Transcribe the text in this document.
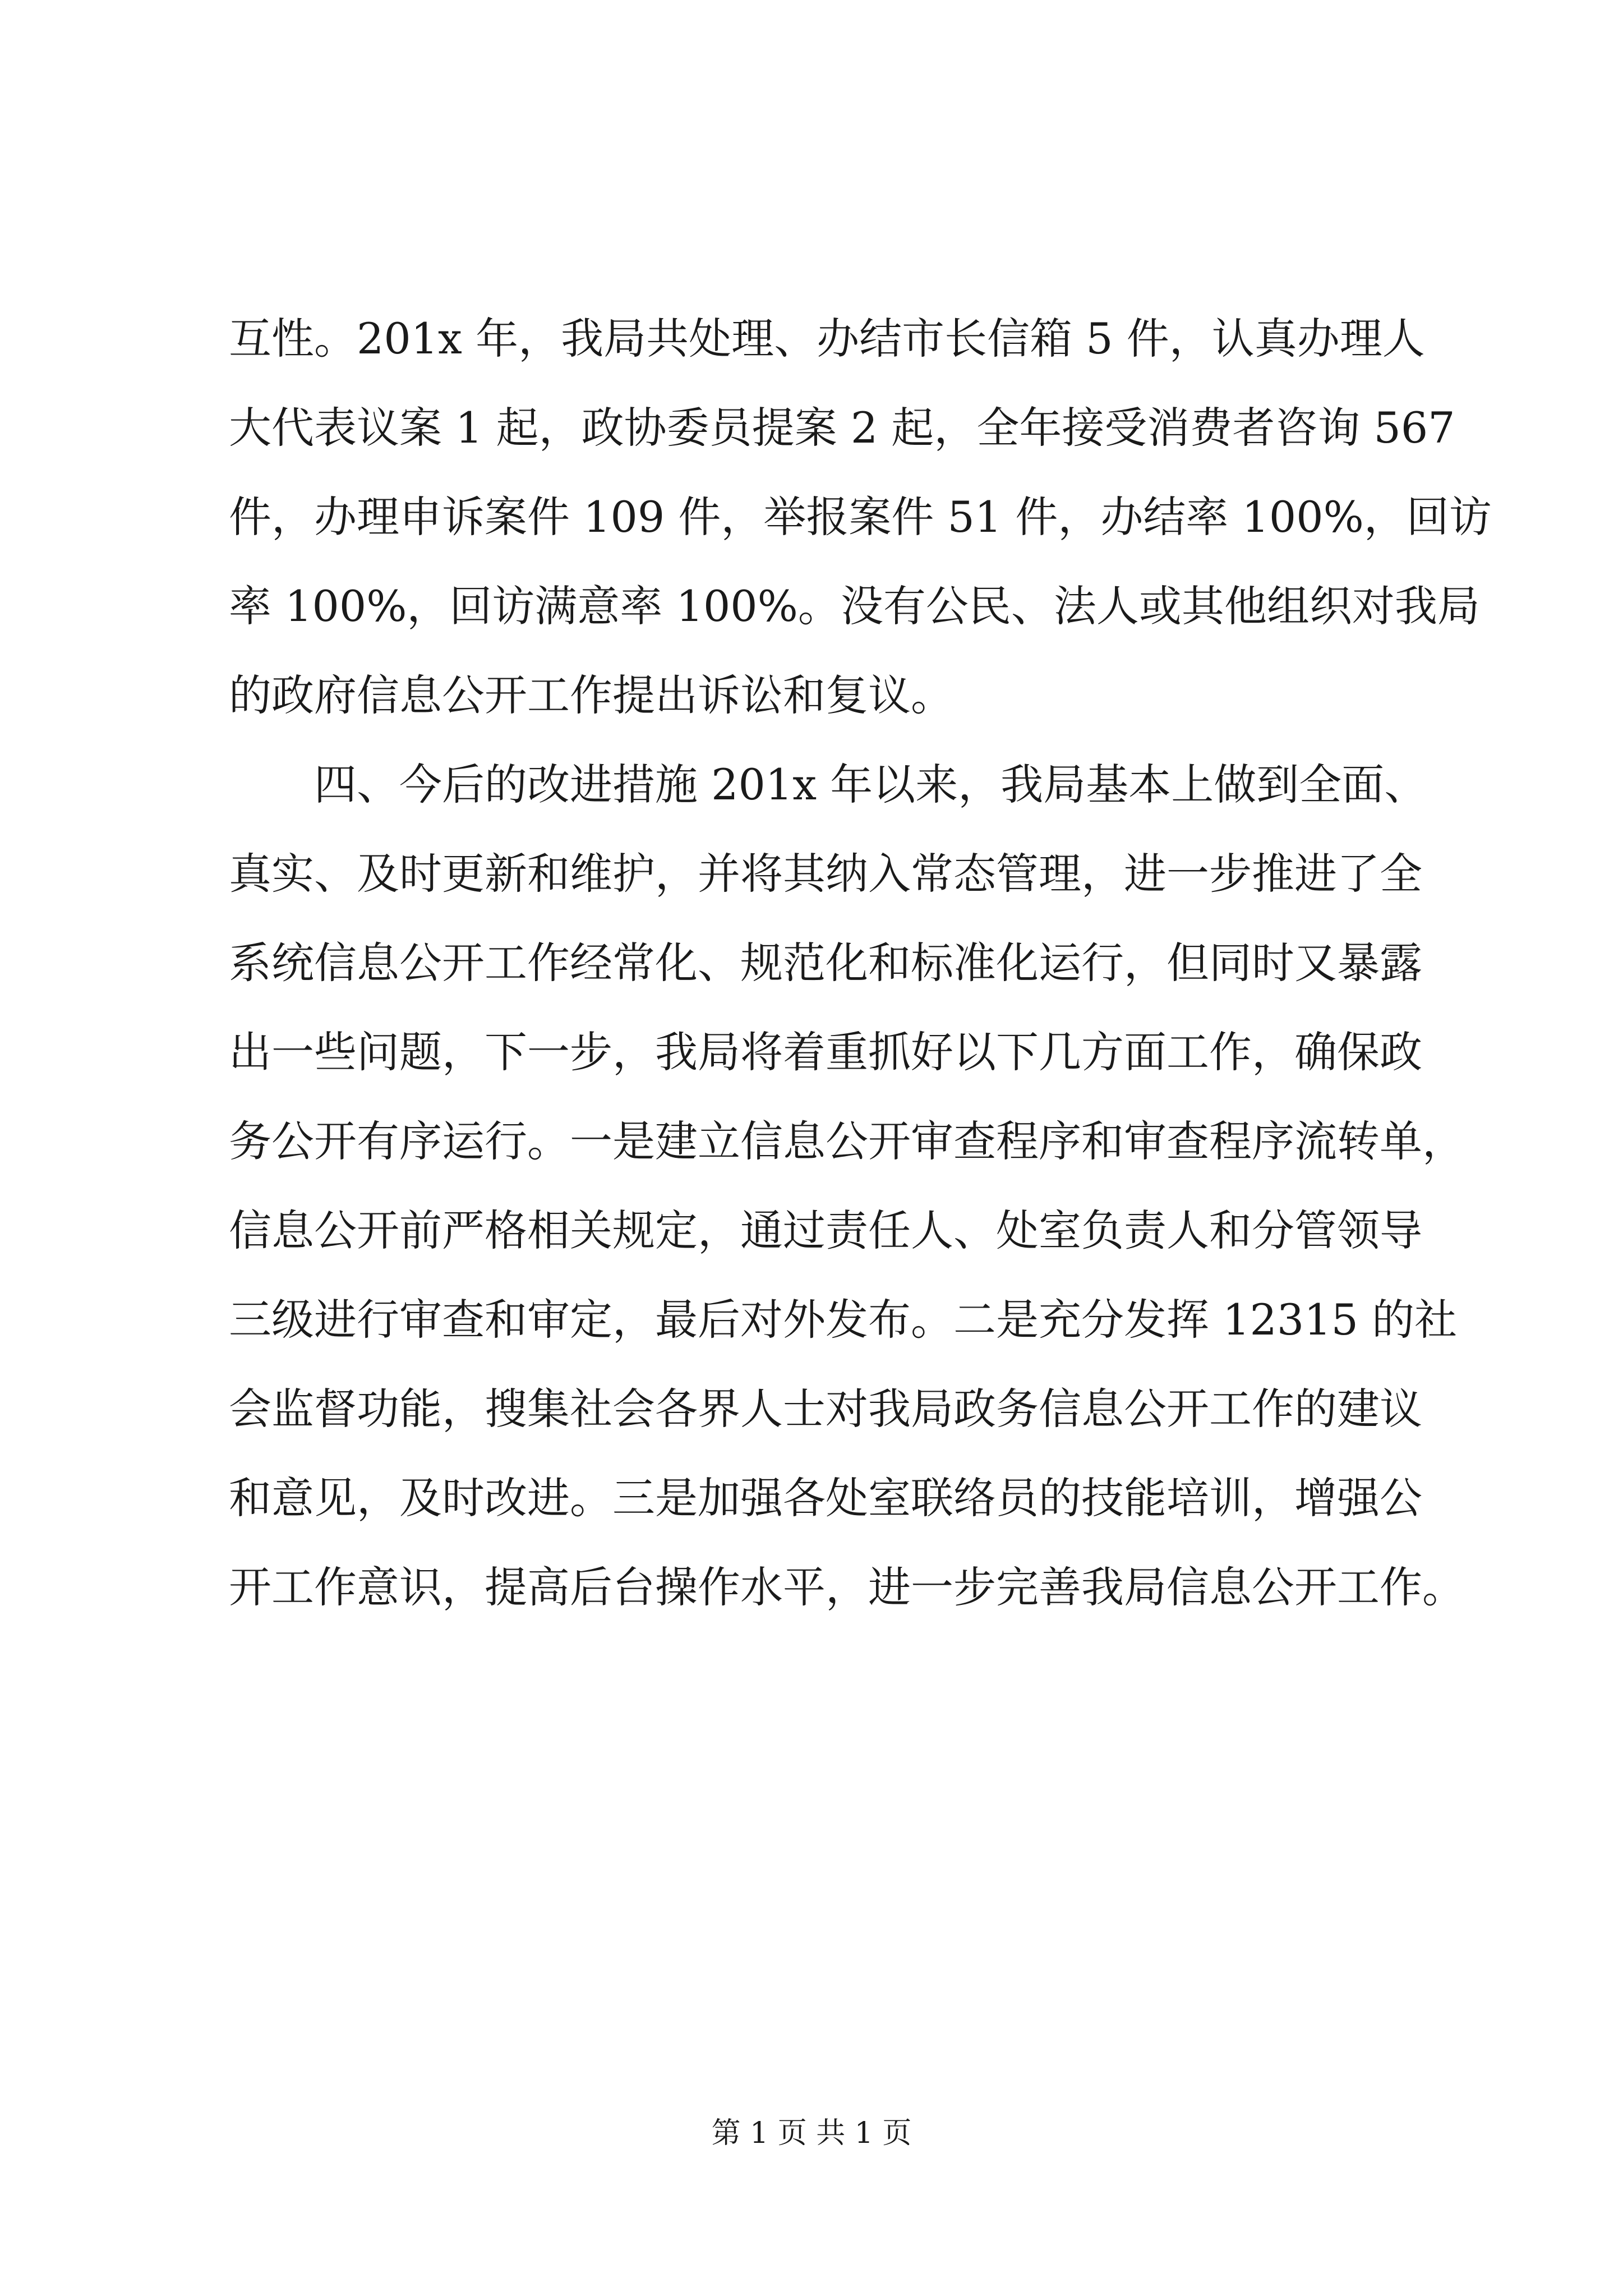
互性。201x 年，我局共处理、办结市长信箱 5 件，认真办理人
大代表议案 1 起，政协委员提案 2 起，全年接受消费者咨询 567
件，办理申诉案件 109 件，举报案件 51 件，办结率 100%，回访
率 100%，回访满意率 100%。没有公民、法人或其他组织对我局
的政府信息公开工作提出诉讼和复议。
　　四、今后的改进措施 201x 年以来，我局基本上做到全面、
真实、及时更新和维护，并将其纳入常态管理，进一步推进了全
系统信息公开工作经常化、规范化和标准化运行，但同时又暴露
出一些问题，下一步，我局将着重抓好以下几方面工作，确保政
务公开有序运行。一是建立信息公开审查程序和审查程序流转单，
信息公开前严格相关规定，通过责任人、处室负责人和分管领导
三级进行审查和审定，最后对外发布。二是充分发挥 12315 的社
会监督功能，搜集社会各界人士对我局政务信息公开工作的建议
和意见，及时改进。三是加强各处室联络员的技能培训，增强公
开工作意识，提高后台操作水平，进一步完善我局信息公开工作。
第 1 页 共 1 页
